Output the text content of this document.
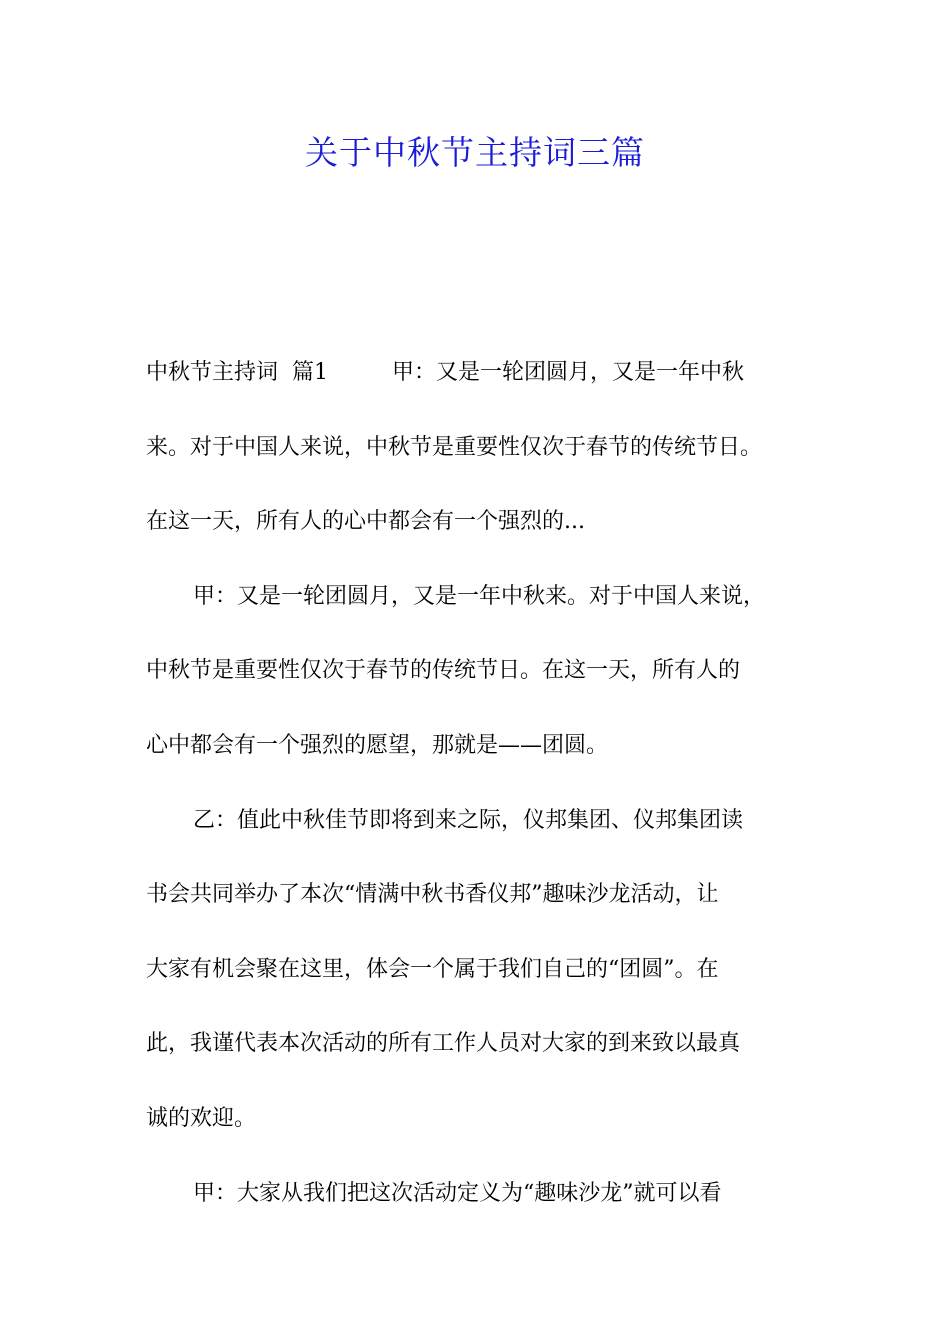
关于中秋节主持词三篇
中秋节主持词  篇1	甲：又是一轮团圆月，又是一年中秋
来。对于中国人来说，中秋节是重要性仅次于春节的传统节日。
在这一天，所有人的心中都会有一个强烈的...
甲：又是一轮团圆月，又是一年中秋来。对于中国人来说，
中秋节是重要性仅次于春节的传统节日。在这一天，所有人的
心中都会有一个强烈的愿望，那就是——团圆。
乙：值此中秋佳节即将到来之际，仪邦集团、仪邦集团读
书会共同举办了本次“情满中秋书香仪邦”趣味沙龙活动，让
大家有机会聚在这里，体会一个属于我们自己的“团圆”。在
此，我谨代表本次活动的所有工作人员对大家的到来致以最真
诚的欢迎。
甲：大家从我们把这次活动定义为“趣味沙龙”就可以看
